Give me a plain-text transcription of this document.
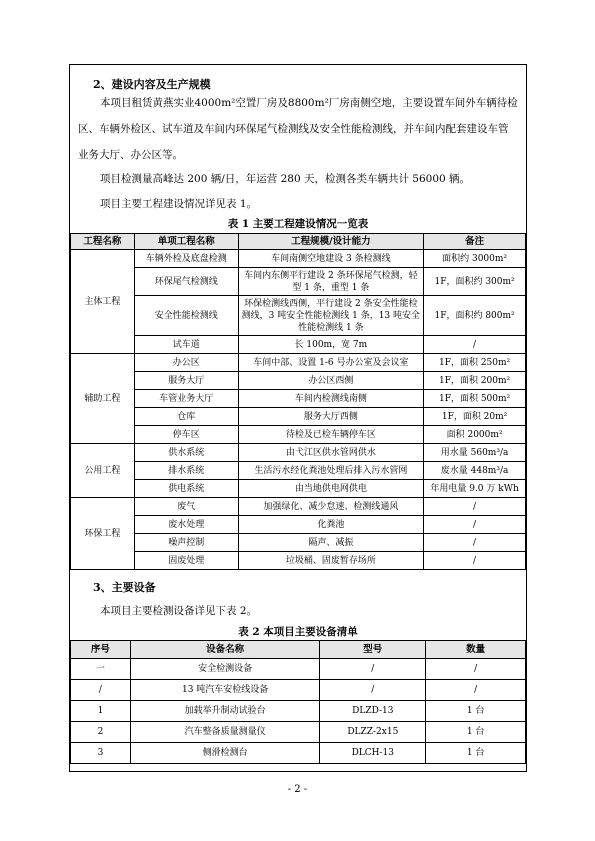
2、建设内容及生产规模

本项目租赁黄燕实业4000m²空置厂房及8800m²厂房南侧空地，主要设置车间外车辆待检区、车辆外检区、试车道及车间内环保尾气检测线及安全性能检测线，并车间内配套建设车管业务大厅、办公区等。

项目检测量高峰达 200 辆/日，年运营 280 天，检测各类车辆共计 56000 辆。
项目主要工程建设情况详见表 1。
表 1 主要工程建设情况一览表
工程名称	单项工程名称	工程规模/设计能力	备注
主体工程	车辆外检及底盘检测	车间南侧空地建设 3 条检测线	面积约 3000m²
	环保尾气检测线	车间内东侧平行建设 2 条环保尾气检测，轻型 1 条，重型 1 条	1F，面积约 300m²
	安全性能检测线	环保检测线西侧，平行建设 2 条安全性能检测线，3 吨安全性能检测线 1 条，13 吨安全性能检测线 1 条	1F，面积约 800m²
	试车道	长 100m，宽 7m	/
辅助工程	办公区	车间中部、设置 1-6 号办公室及会议室	1F，面积 250m²
	服务大厅	办公区西侧	1F，面积 200m²
	车管业务大厅	车间内检测线南侧	1F，面积 500m²
	仓库	服务大厅西侧	1F，面积 20m²
	停车区	待检及已检车辆停车区	面积 2000m²
公用工程	供水系统	由弋江区供水管网供水	用水量 560m³/a
	排水系统	生活污水经化粪池处理后排入污水管网	废水量 448m³/a
	供电系统	由当地供电网供电	年用电量 9.0 万 kWh
环保工程	废气	加强绿化、减少怠速、检测线通风	/
	废水处理	化粪池	/
	噪声控制	隔声、减振	/
	固废处理	垃圾桶、固废暂存场所	/
3、主要设备
本项目主要检测设备详见下表 2。
表 2 本项目主要设备清单
序号	设备名称	型号	数量
一	安全检测设备	/	/
/	13 吨汽车安检线设备	/	/
1	加载举升制动试验台	DLZD-13	1 台
2	汽车整备质量测量仪	DLZZ-2x15	1 台
3	侧滑检测台	DLCH-13	1 台
- 2 -
